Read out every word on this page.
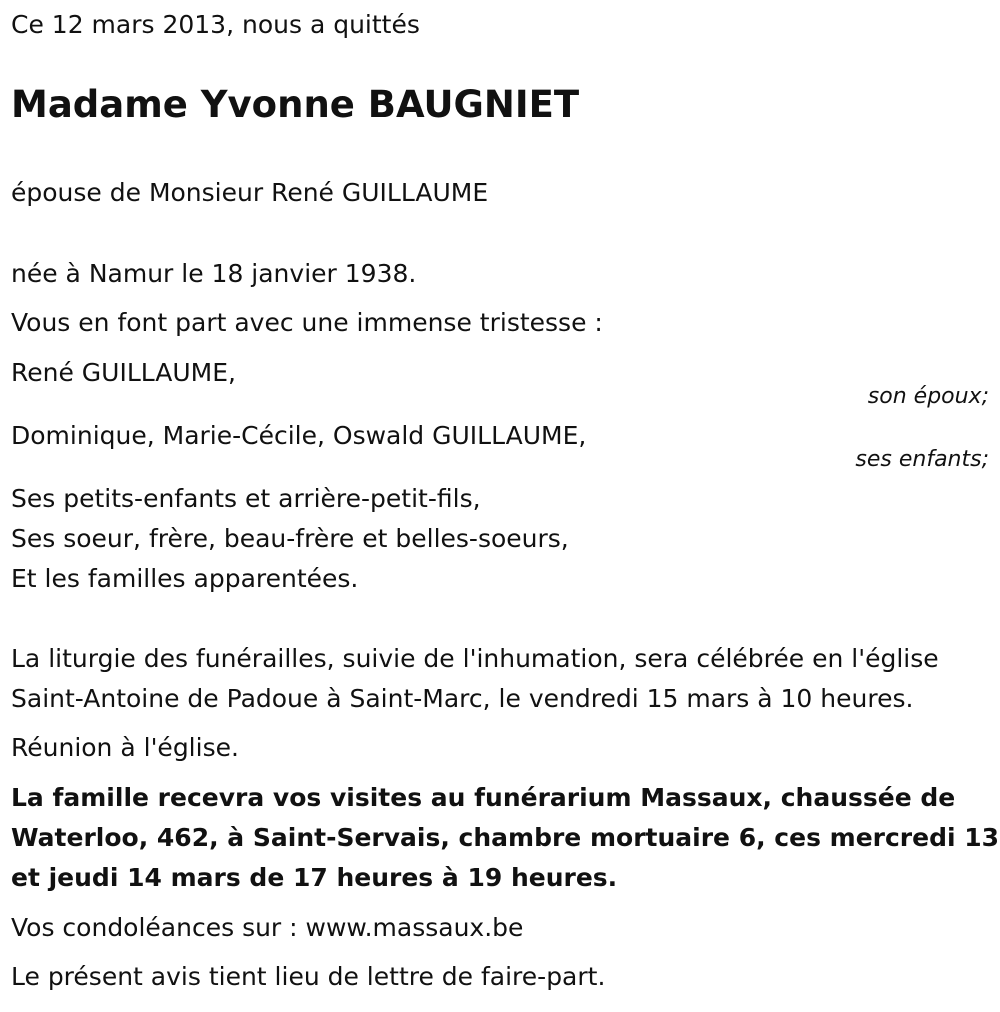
Ce 12 mars 2013, nous a quittés
Madame Yvonne BAUGNIET
épouse de Monsieur René GUILLAUME
née à Namur le 18 janvier 1938.
Vous en font part avec une immense tristesse :
René GUILLAUME,
son époux;
Dominique, Marie-Cécile, Oswald GUILLAUME,
ses enfants;
Ses petits-enfants et arrière-petit-fils,
Ses soeur, frère, beau-frère et belles-soeurs,
Et les familles apparentées.
La liturgie des funérailles, suivie de l'inhumation, sera célébrée en l'église
Saint-Antoine de Padoue à Saint-Marc, le vendredi 15 mars à 10 heures.
Réunion à l'église.
La famille recevra vos visites au funérarium Massaux, chaussée de
Waterloo, 462, à Saint-Servais, chambre mortuaire 6, ces mercredi 13
et jeudi 14 mars de 17 heures à 19 heures.
Vos condoléances sur : www.massaux.be
Le présent avis tient lieu de lettre de faire-part.
